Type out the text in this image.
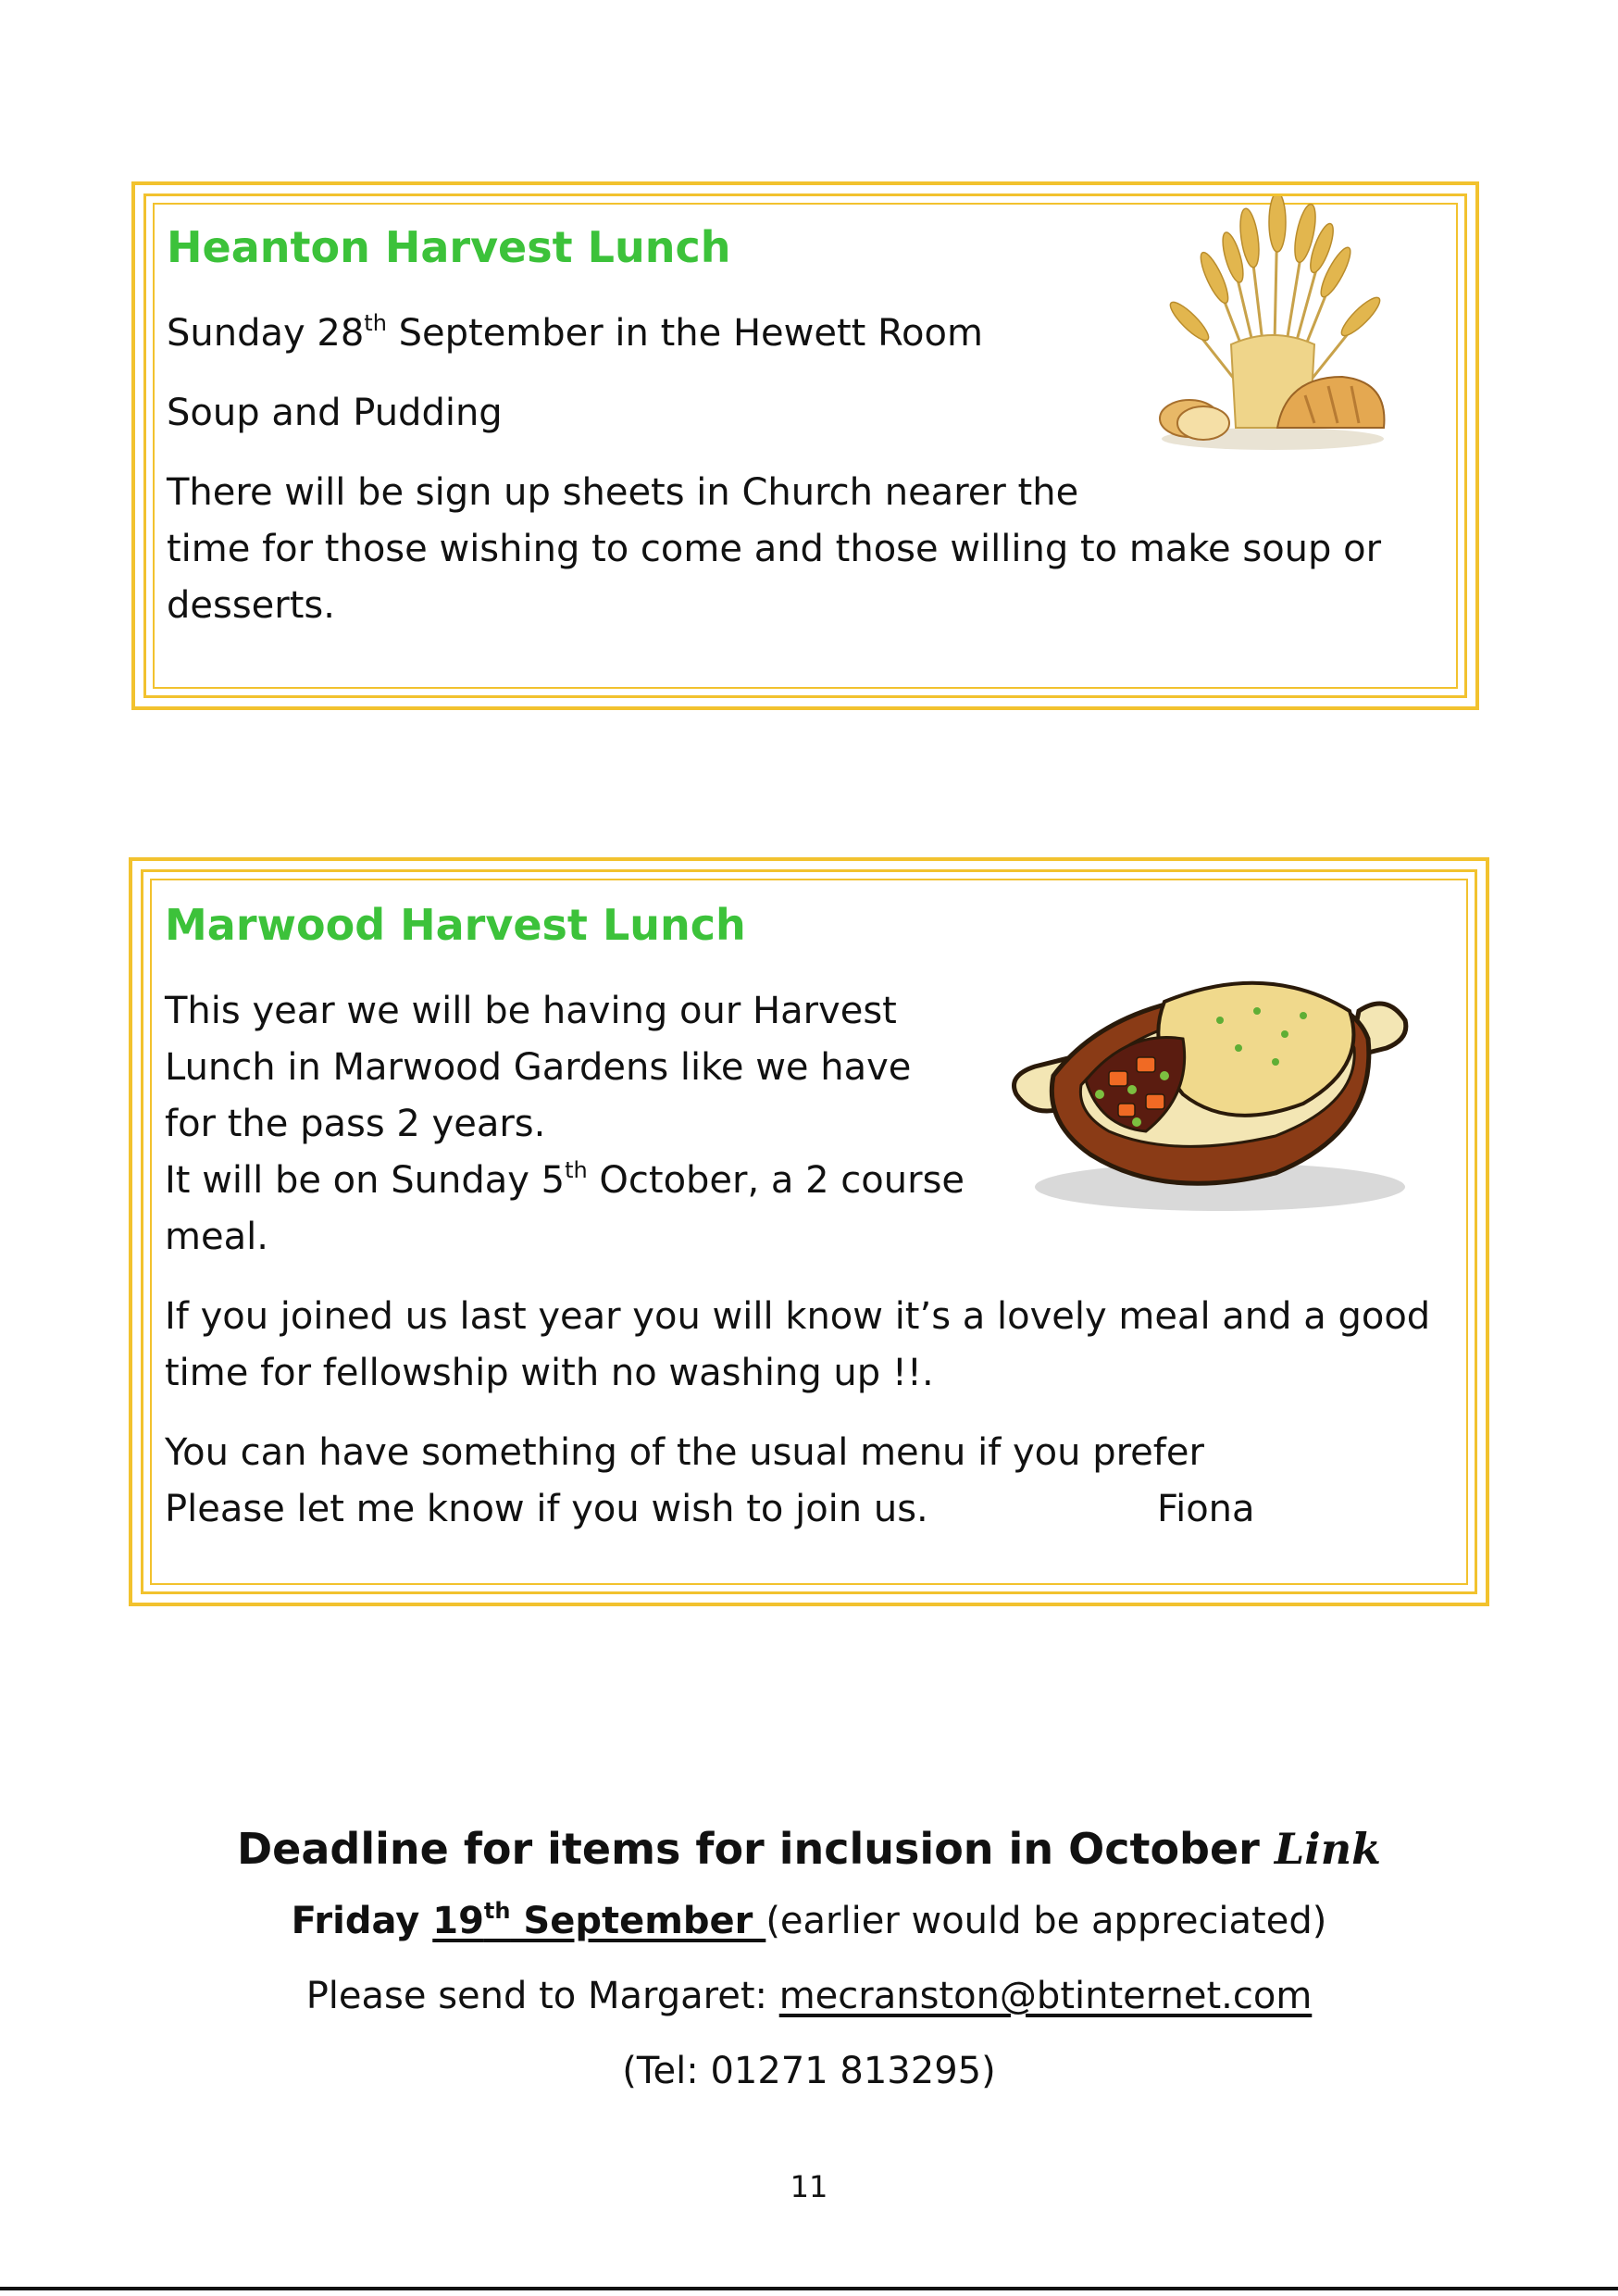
Heanton Harvest Lunch

Sunday 28th September in the Hewett Room

Soup and Pudding

There will be sign up sheets in Church nearer the

time for those wishing to come and those willing to make soup or

desserts.

Marwood Harvest Lunch

This year we will be having our Harvest

Lunch in Marwood Gardens like we have

for the pass 2 years.

It will be on Sunday 5th October, a 2 course

meal.

If you joined us last year you will know it’s a lovely meal and a good

time for fellowship with no washing up !!.

You can have something of the usual menu if you prefer

Please let me know if you wish to join us.	Fiona

Deadline for items for inclusion in October Link

Friday 19th September (earlier would be appreciated)

Please send to Margaret: mecranston@btinternet.com

(Tel: 01271 813295)

11
